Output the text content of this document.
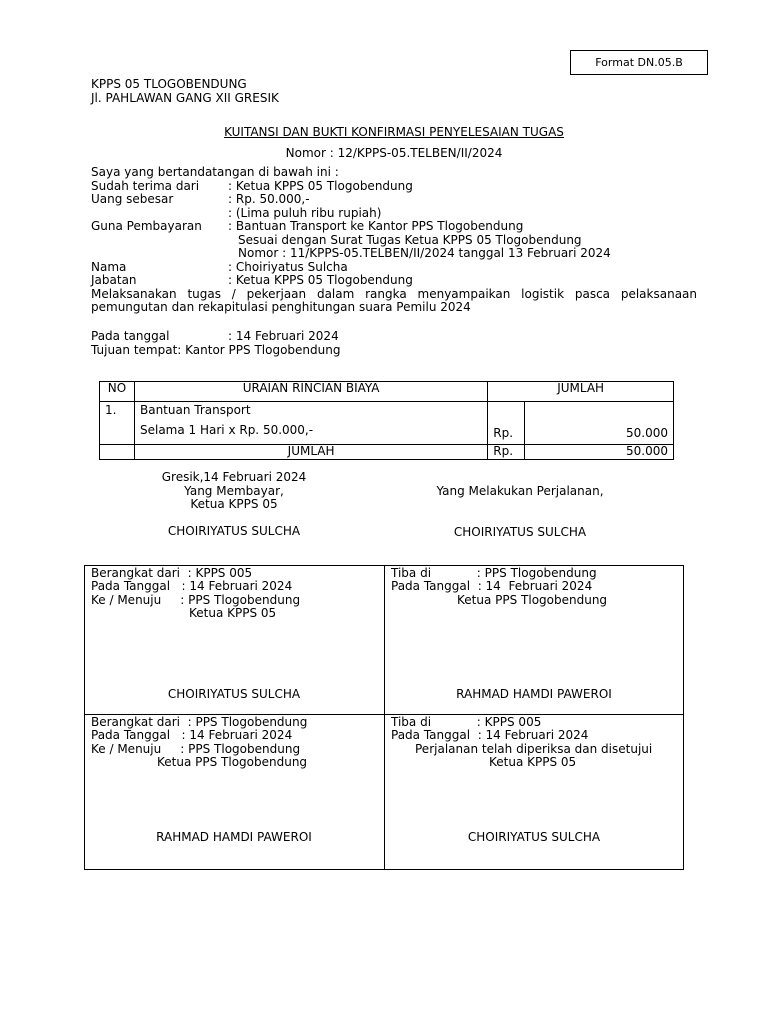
Format DN.05.B
KPPS 05 TLOGOBENDUNG
Jl. PAHLAWAN GANG XII GRESIK
KUITANSI DAN BUKTI KONFIRMASI PENYELESAIAN TUGAS
Nomor : 12/KPPS-05.TELBEN/II/2024
Saya yang bertandatangan di bawah ini :
Sudah terima dari : Ketua KPPS 05 Tlogobendung
Uang sebesar	: Rp. 50.000,-
: (Lima puluh ribu rupiah)
Guna Pembayaran : Bantuan Transport ke Kantor PPS Tlogobendung
Sesuai dengan Surat Tugas Ketua KPPS 05 Tlogobendung
Nomor : 11/KPPS-05.TELBEN/II/2024 tanggal 13 Februari 2024
Nama	: Choiriyatus Sulcha
Jabatan	: Ketua KPPS 05 Tlogobendung
Melaksanakan tugas / pekerjaan dalam rangka menyampaikan logistik pasca pelaksanaan
pemungutan dan rekapitulasi penghitungan suara Pemilu 2024
Pada tanggal	: 14 Februari 2024
Tujuan tempat: Kantor PPS Tlogobendung
NO	URAIAN RINCIAN BIAYA	JUMLAH	
1.	Bantuan Transport
Selama 1 Hari x Rp. 50.000,-	Rp.	50.000
	JUMLAH	Rp.	50.000
Gresik,14 Februari 2024
Yang Membayar,
Ketua KPPS 05
CHOIRIYATUS SULCHA
Yang Melakukan Perjalanan,
CHOIRIYATUS SULCHA
Berangkat dari  : KPPS 005
Pada Tanggal   : 14 Februari 2024
Ke / Menuju     : PPS Tlogobendung
Ketua KPPS 05
CHOIRIYATUS SULCHA
Tiba di            : PPS Tlogobendung
Pada Tanggal  : 14  Februari 2024
Ketua PPS Tlogobendung
RAHMAD HAMDI PAWEROI
Berangkat dari  : PPS Tlogobendung
Pada Tanggal   : 14 Februari 2024
Ke / Menuju     : PPS Tlogobendung
Ketua PPS Tlogobendung
RAHMAD HAMDI PAWEROI
Tiba di            : KPPS 005
Pada Tanggal  : 14 Februari 2024
Perjalanan telah diperiksa dan disetujui
Ketua KPPS 05
CHOIRIYATUS SULCHA
